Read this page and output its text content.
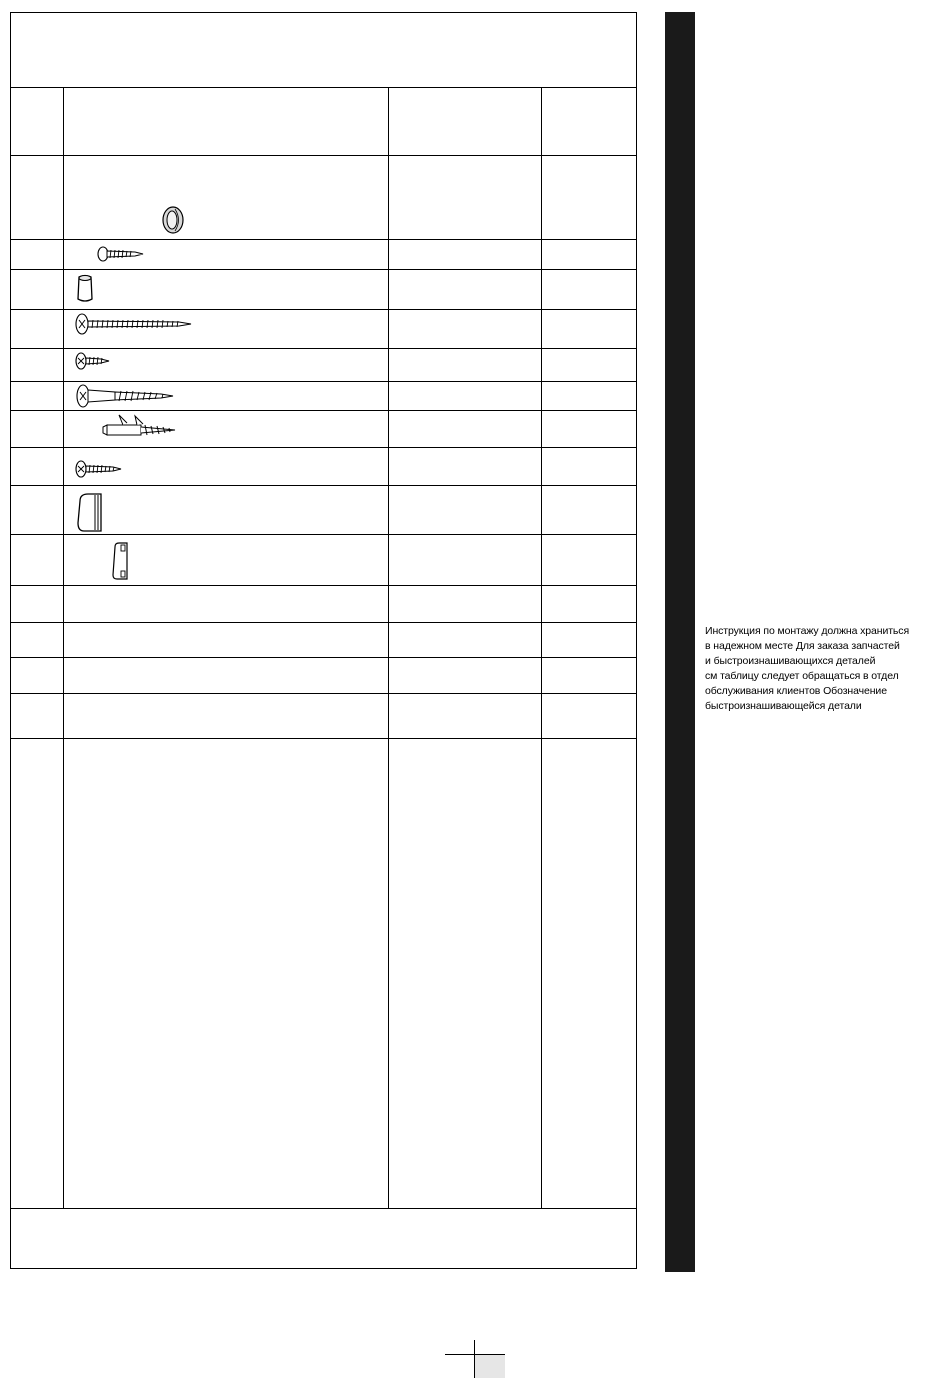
Инструкция по монтажу должна храниться
в надежном месте Для заказа запчастей
и быстроизнашивающихся деталей
см таблицу следует обращаться в отдел
обслуживания клиентов Обозначение
быстроизнашивающейся детали
